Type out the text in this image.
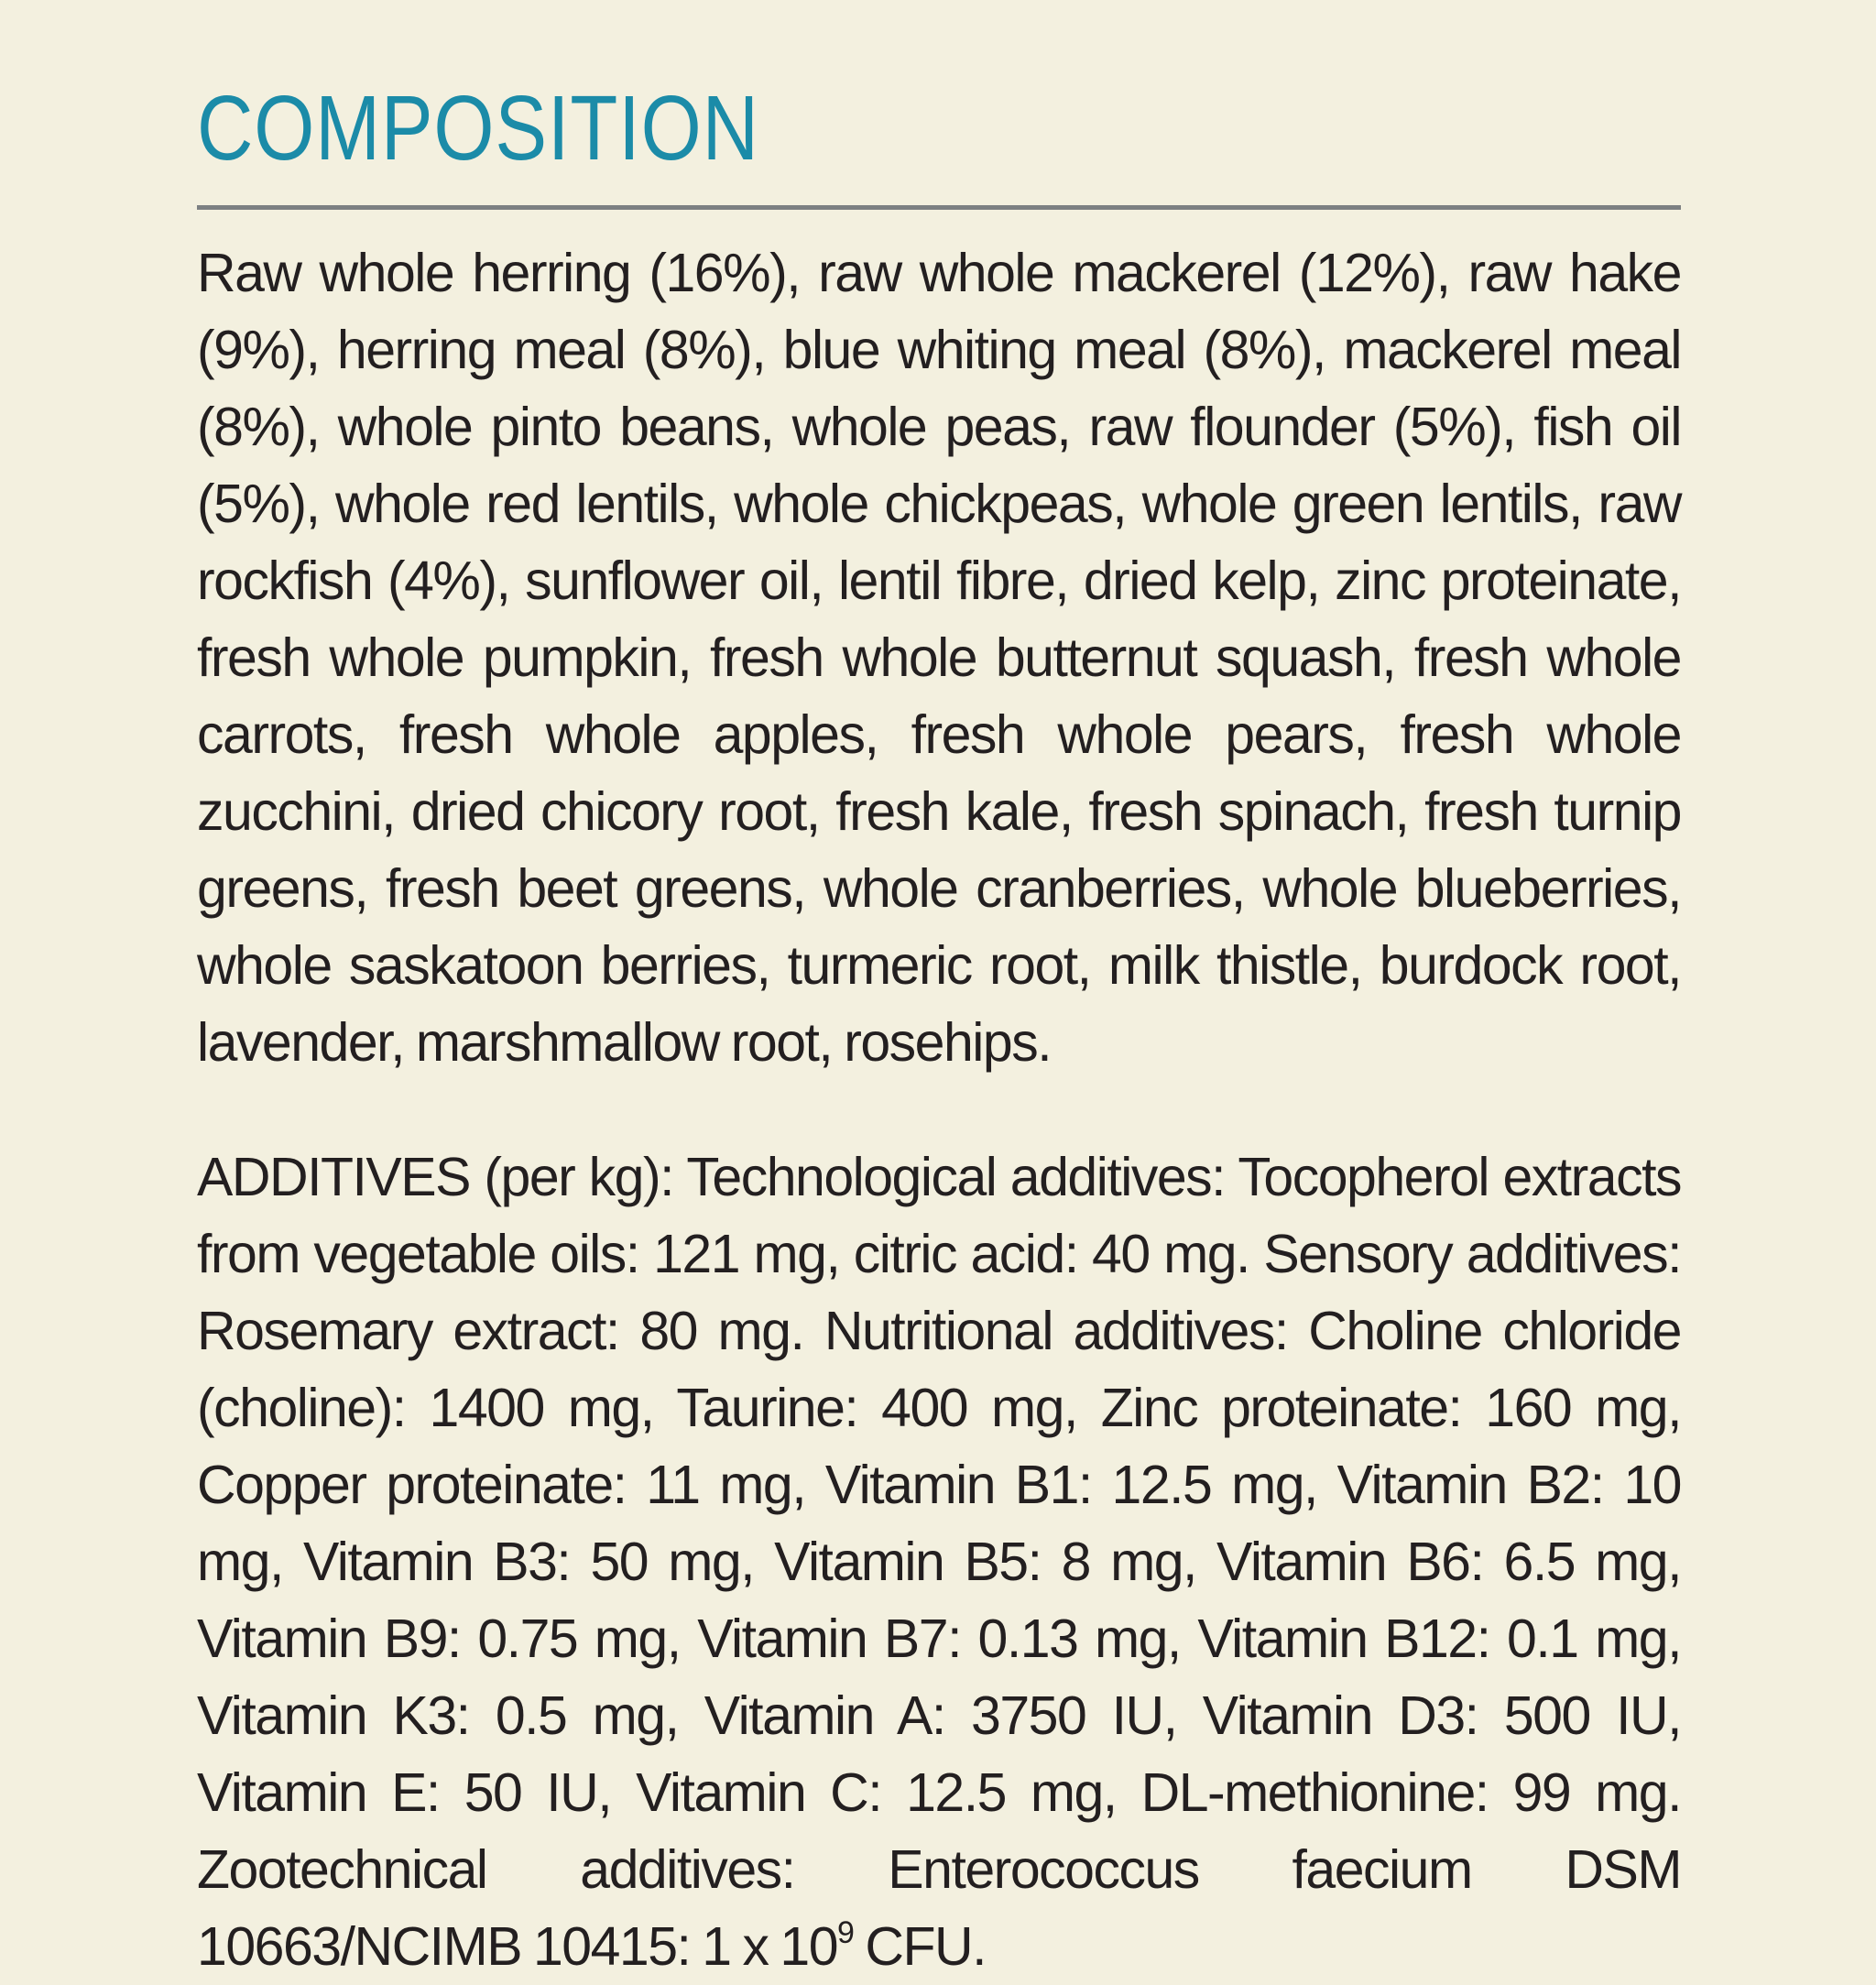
COMPOSITION

Raw whole herring (16%), raw whole mackerel (12%), raw hake (9%), herring meal (8%), blue whiting meal (8%), mackerel meal (8%), whole pinto beans, whole peas, raw flounder (5%), fish oil (5%), whole red lentils, whole chickpeas, whole green lentils, raw rockfish (4%), sunflower oil, lentil fibre, dried kelp, zinc proteinate, fresh whole pumpkin, fresh whole butternut squash, fresh whole carrots, fresh whole apples, fresh whole pears, fresh whole zucchini, dried chicory root, fresh kale, fresh spinach, fresh turnip greens, fresh beet greens, whole cranberries, whole blueberries, whole saskatoon berries, turmeric root, milk thistle, burdock root, lavender, marshmallow root, rosehips.

ADDITIVES (per kg): Technological additives: Tocopherol extracts from vegetable oils: 121 mg, citric acid: 40 mg. Sensory additives: Rosemary extract: 80 mg. Nutritional additives: Choline chloride (choline): 1400 mg, Taurine: 400 mg, Zinc proteinate: 160 mg, Copper proteinate: 11 mg, Vitamin B1: 12.5 mg, Vitamin B2: 10 mg, Vitamin B3: 50 mg, Vitamin B5: 8 mg, Vitamin B6: 6.5 mg, Vitamin B9: 0.75 mg, Vitamin B7: 0.13 mg, Vitamin B12: 0.1 mg, Vitamin K3: 0.5 mg, Vitamin A: 3750 IU, Vitamin D3: 500 IU, Vitamin E: 50 IU, Vitamin C: 12.5 mg, DL-methionine: 99 mg. Zootechnical additives: Enterococcus faecium DSM 10663/NCIMB 10415: 1 x $10^9$ CFU.
